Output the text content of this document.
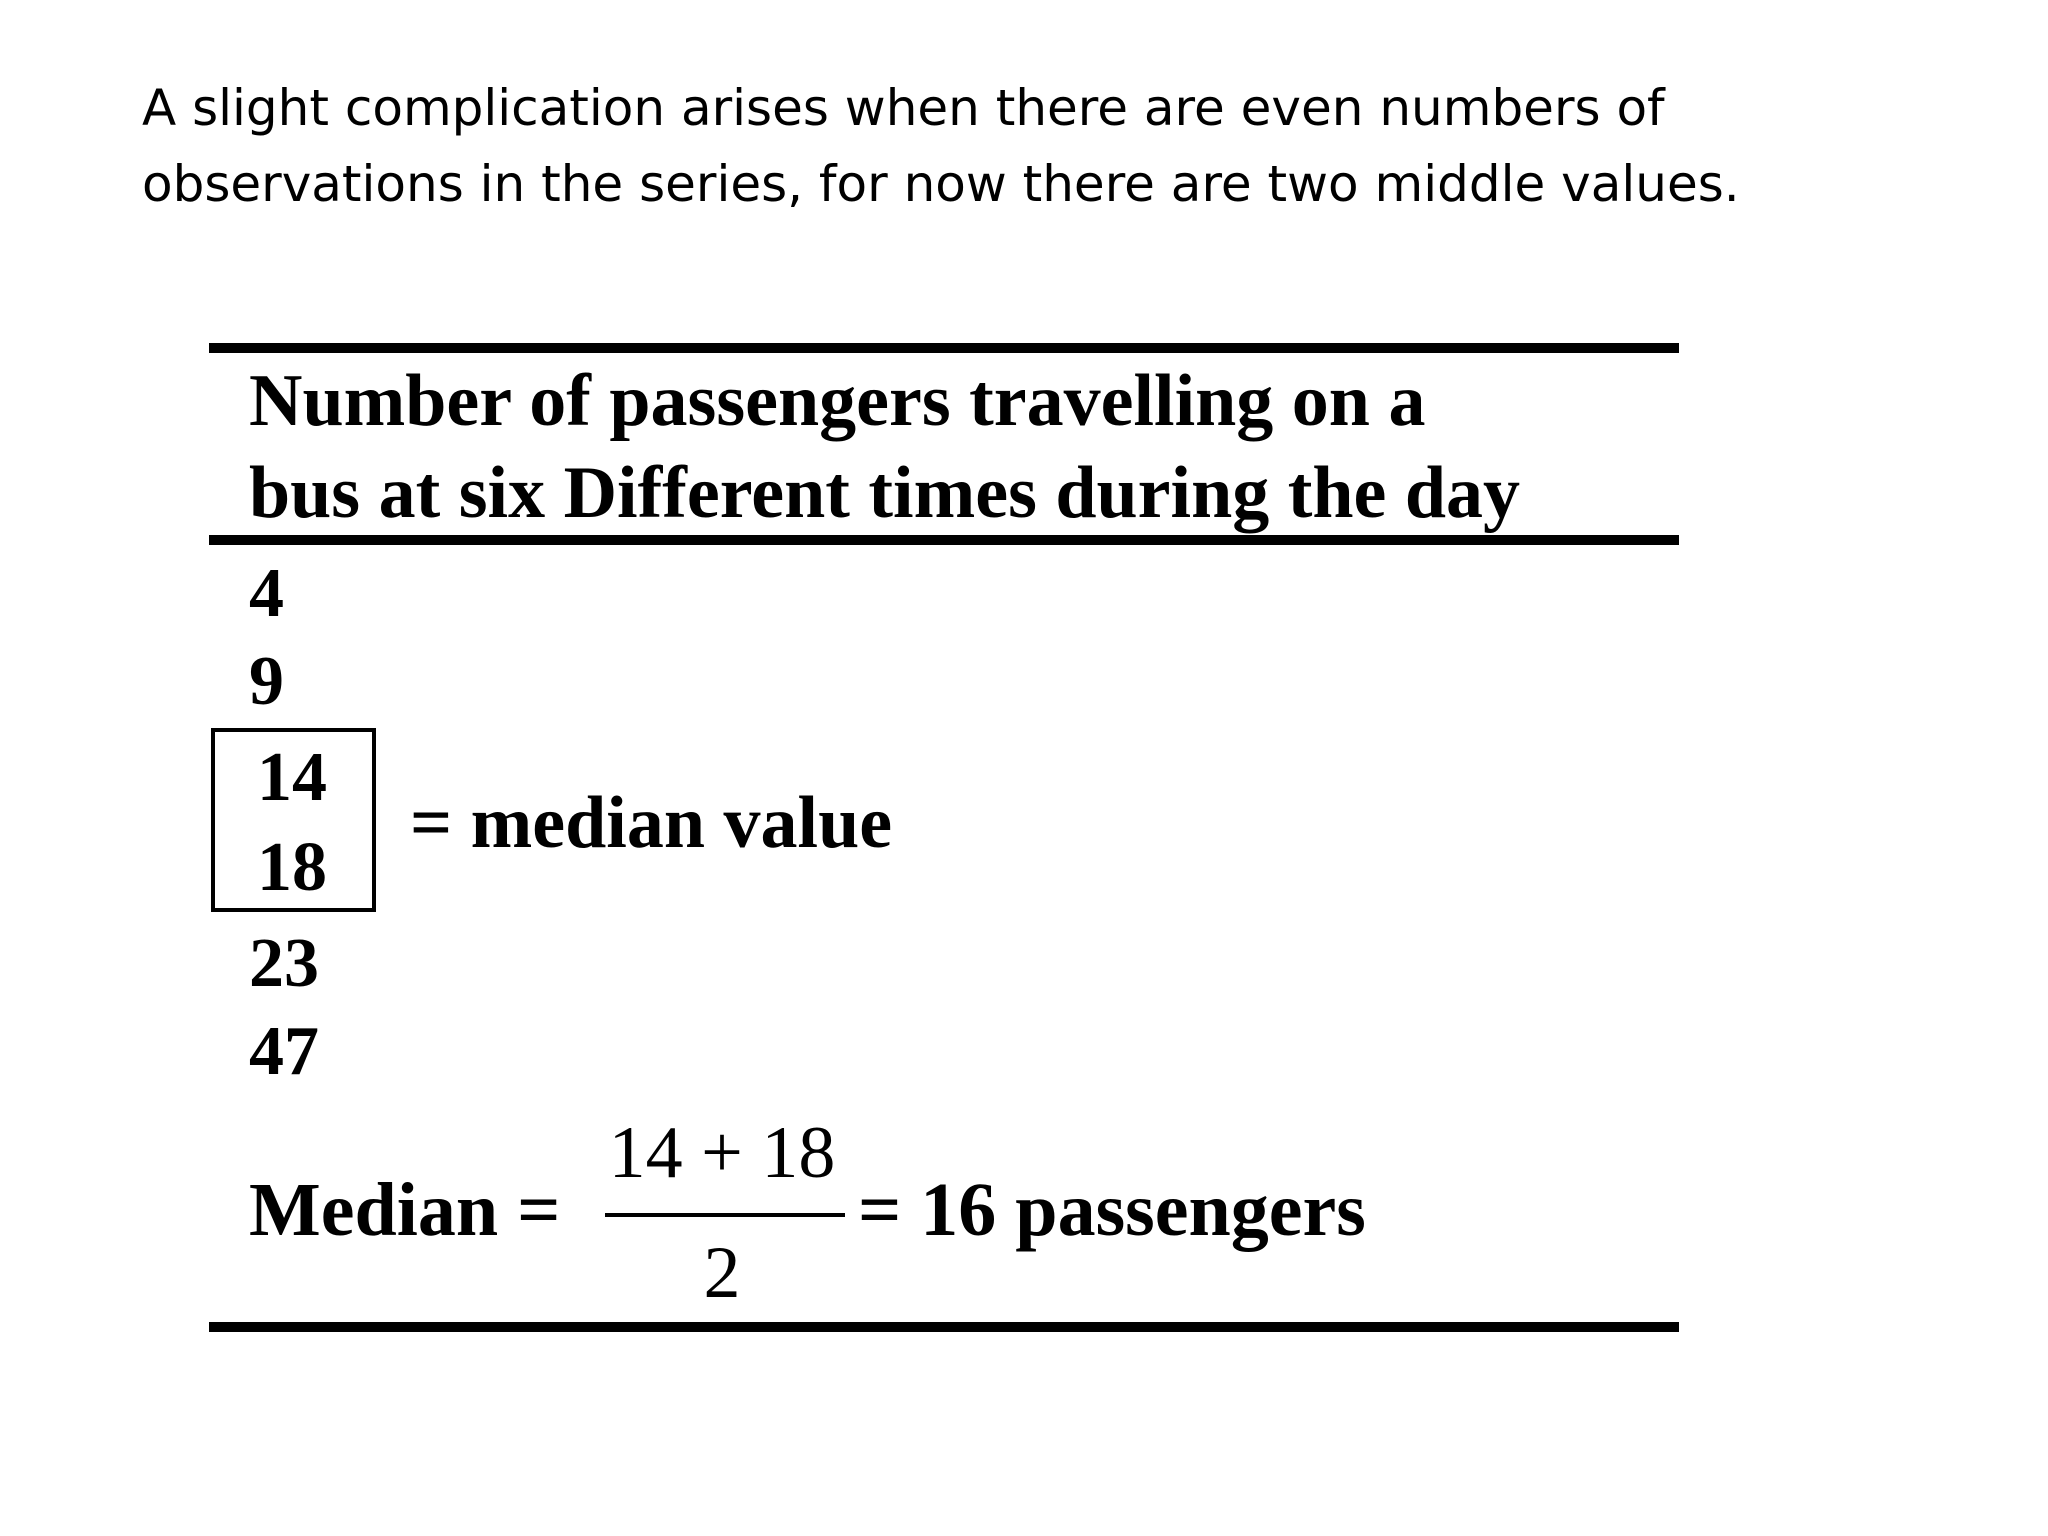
A slight complication arises when there are even numbers of
observations in the series, for now there are two middle values.
Number of passengers travelling on a
bus at six Different times during the day
4
9
14
18
= median value
23
47
Median =
14 + 18
2
= 16 passengers
